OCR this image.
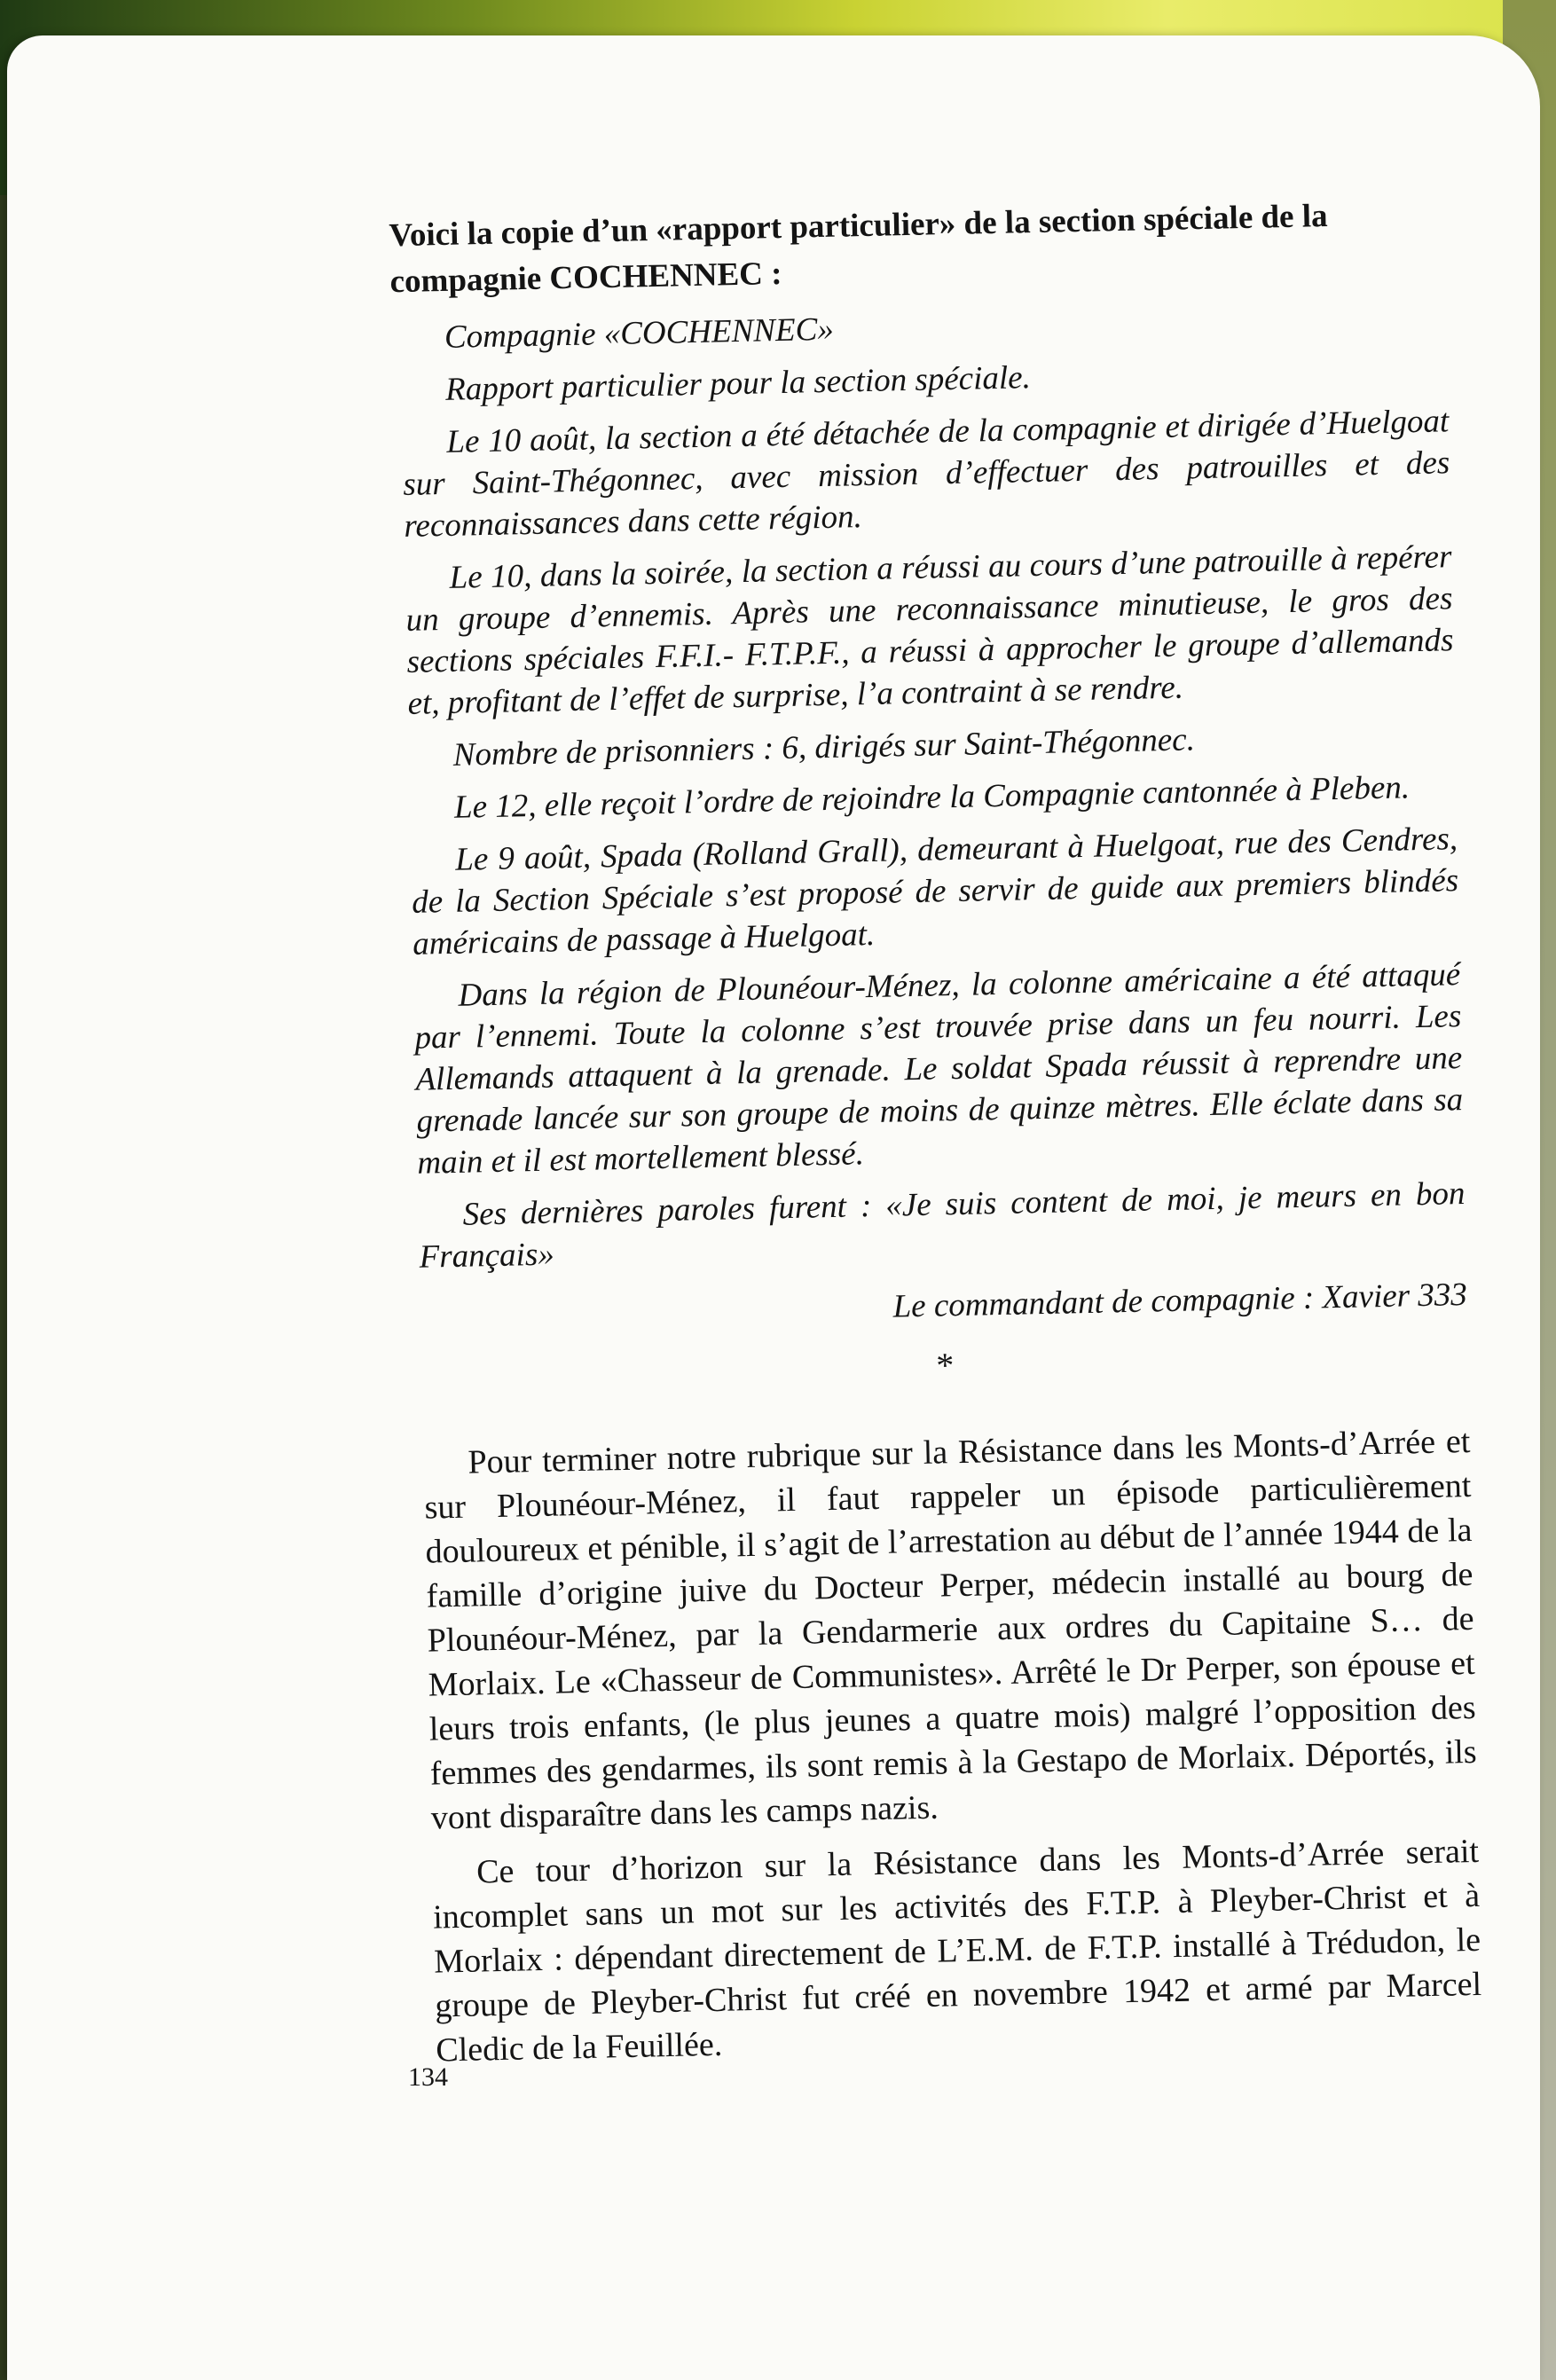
Voici la copie d’un «rapport particulier» de la section spéciale de la compagnie COCHENNEC :
Compagnie «COCHENNEC»
Rapport particulier pour la section spéciale.
Le 10 août, la section a été détachée de la compagnie et dirigée d’Huelgoat sur Saint-Thégonnec, avec mission d’effectuer des patrouilles et des reconnaissances dans cette région.
Le 10, dans la soirée, la section a réussi au cours d’une patrouille à repérer un groupe d’ennemis. Après une reconnaissance minutieuse, le gros des sections spéciales F.F.I.- F.T.P.F., a réussi à approcher le groupe d’allemands et, profitant de l’effet de surprise, l’a contraint à se rendre.
Nombre de prisonniers : 6, dirigés sur Saint-Thégonnec.
Le 12, elle reçoit l’ordre de rejoindre la Compagnie cantonnée à Pleben.
Le 9 août, Spada (Rolland Grall), demeurant à Huelgoat, rue des Cendres, de la Section Spéciale s’est proposé de servir de guide aux premiers blindés américains de passage à Huelgoat.
Dans la région de Plounéour-Ménez, la colonne américaine a été attaqué par l’ennemi. Toute la colonne s’est trouvée prise dans un feu nourri. Les Allemands attaquent à la grenade. Le soldat Spada réussit à reprendre une grenade lancée sur son groupe de moins de quinze mètres. Elle éclate dans sa main et il est mortellement blessé.
Ses dernières paroles furent : «Je suis content de moi, je meurs en bon Français»
Le commandant de compagnie : Xavier 333
*
Pour terminer notre rubrique sur la Résistance dans les Monts-d’Arrée et sur Plounéour-Ménez, il faut rappeler un épisode particulièrement douloureux et pénible, il s’agit de l’arrestation au début de l’année 1944 de la famille d’origine juive du Docteur Perper, médecin installé au bourg de Plounéour-Ménez, par la Gendarmerie aux ordres du Capitaine S… de Morlaix. Le «Chasseur de Communistes». Arrêté le Dr Perper, son épouse et leurs trois enfants, (le plus jeunes a quatre mois) malgré l’opposition des femmes des gendarmes, ils sont remis à la Gestapo de Morlaix. Déportés, ils vont disparaître dans les camps nazis.
Ce tour d’horizon sur la Résistance dans les Monts-d’Arrée serait incomplet sans un mot sur les activités des F.T.P. à Pleyber-Christ et à Morlaix : dépendant directement de L’E.M. de F.T.P. installé à Trédudon, le groupe de Pleyber-Christ fut créé en novembre 1942 et armé par Marcel Cledic de la Feuillée.
134
